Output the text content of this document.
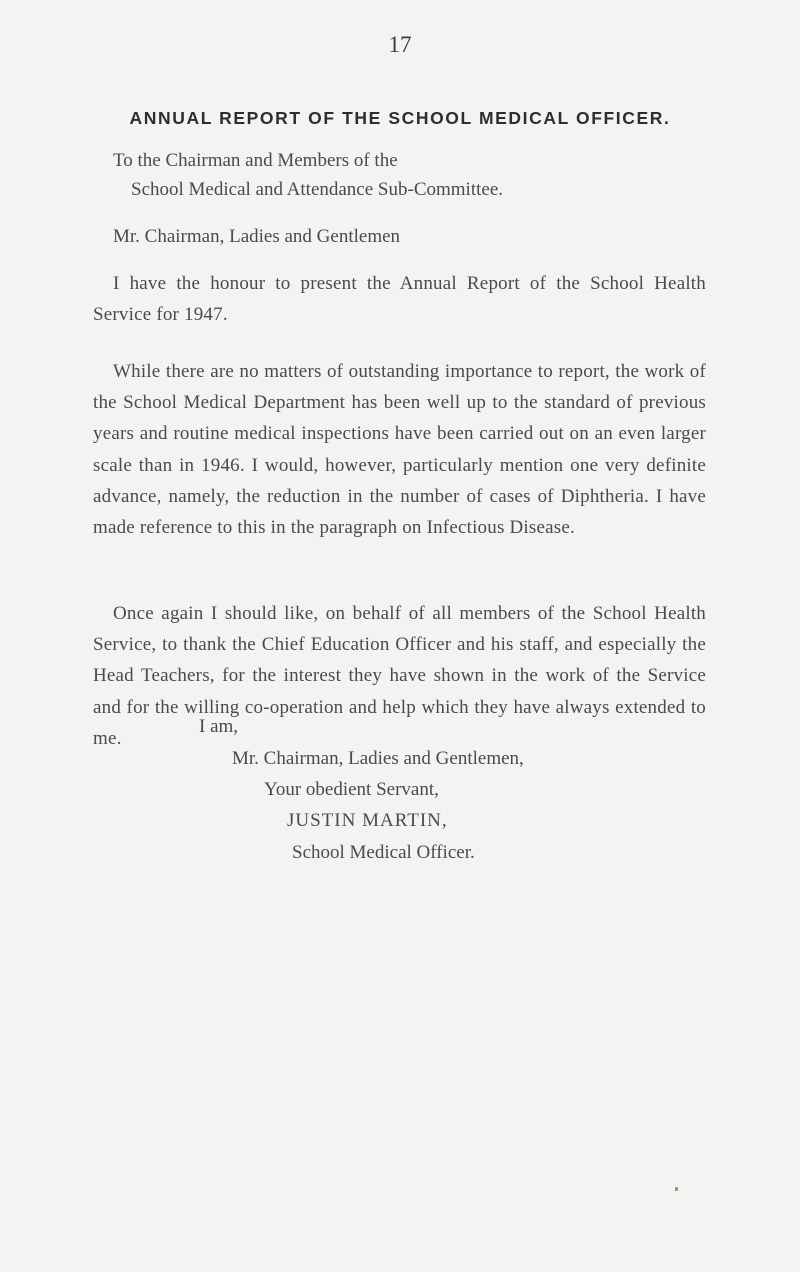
17
ANNUAL REPORT OF THE SCHOOL MEDICAL OFFICER.
To the Chairman and Members of the
School Medical and Attendance Sub-Committee.
Mr. Chairman, Ladies and Gentlemen

I have the honour to present the Annual Report of the School Health Service for 1947.

While there are no matters of outstanding importance to report, the work of the School Medical Department has been well up to the standard of previous years and routine medical inspections have been carried out on an even larger scale than in 1946. I would, however, particularly mention one very definite advance, namely, the reduction in the number of cases of Diphtheria. I have made reference to this in the paragraph on Infectious Disease.

Once again I should like, on behalf of all members of the School Health Service, to thank the Chief Education Officer and his staff, and especially the Head Teachers, for the interest they have shown in the work of the Service and for the willing co-operation and help which they have always extended to me.

I am,
Mr. Chairman, Ladies and Gentlemen,
Your obedient Servant,
JUSTIN MARTIN,
School Medical Officer.
